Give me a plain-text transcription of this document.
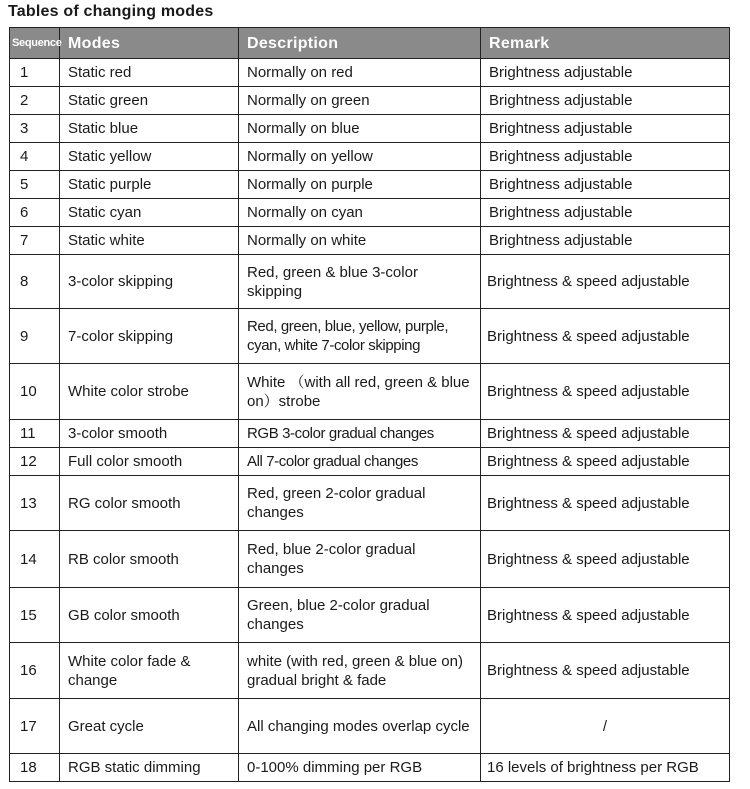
Tables of changing modes
Sequence	Modes	Description	Remark
1	Static red	Normally on red	Brightness adjustable
2	Static green	Normally on green	Brightness adjustable
3	Static blue	Normally on blue	Brightness adjustable
4	Static yellow	Normally on yellow	Brightness adjustable
5	Static purple	Normally on purple	Brightness adjustable
6	Static cyan	Normally on cyan	Brightness adjustable
7	Static white	Normally on white	Brightness adjustable
8	3-color skipping	Red, green & blue 3-color skipping	Brightness & speed adjustable
9	7-color skipping	Red, green, blue, yellow, purple, cyan, white 7-color skipping	Brightness & speed adjustable
10	White color strobe	White （with all red, green & blue on）strobe	Brightness & speed adjustable
11	3-color smooth	RGB 3-color gradual changes	Brightness & speed adjustable
12	Full color smooth	All 7-color gradual changes	Brightness & speed adjustable
13	RG color smooth	Red, green 2-color gradual changes	Brightness & speed adjustable
14	RB color smooth	Red, blue 2-color gradual changes	Brightness & speed adjustable
15	GB color smooth	Green, blue 2-color gradual changes	Brightness & speed adjustable
16	White color fade & change	white (with red, green & blue on) gradual bright & fade	Brightness & speed adjustable
17	Great cycle	All changing modes overlap cycle	/
18	RGB static dimming	0-100% dimming per RGB	16 levels of brightness per RGB
